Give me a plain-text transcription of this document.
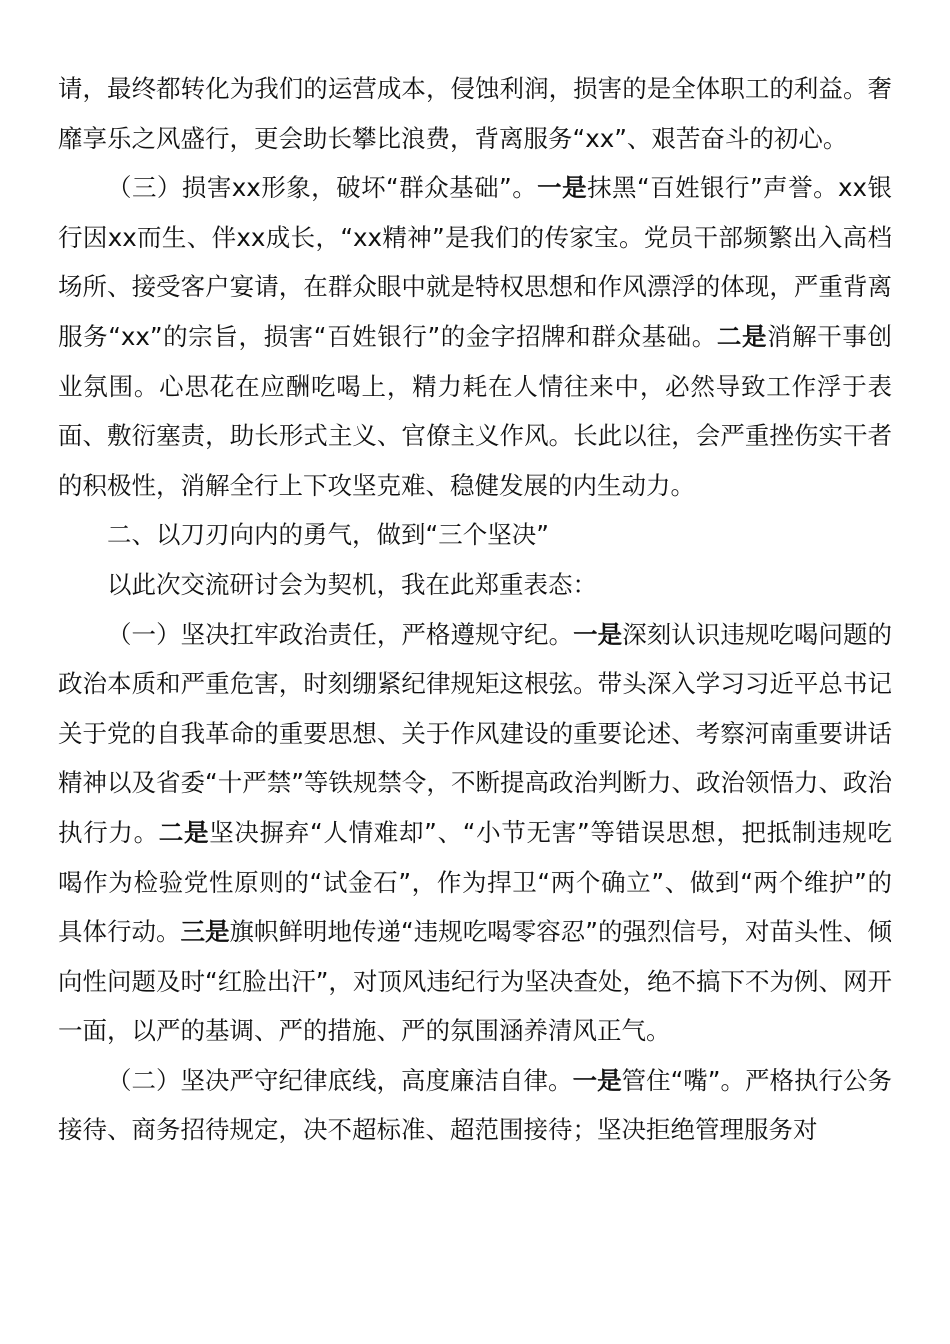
请，最终都转化为我们的运营成本，侵蚀利润，损害的是全体职工的利益。奢靡享乐之风盛行，更会助长攀比浪费，背离服务“xx”、艰苦奋斗的初心。

（三）损害xx形象，破坏“群众基础”。一是抹黑“百姓银行”声誉。xx银行因xx而生、伴xx成长，“xx精神”是我们的传家宝。党员干部频繁出入高档场所、接受客户宴请，在群众眼中就是特权思想和作风漂浮的体现，严重背离服务“xx”的宗旨，损害“百姓银行”的金字招牌和群众基础。二是消解干事创业氛围。心思花在应酬吃喝上，精力耗在人情往来中，必然导致工作浮于表面、敷衍塞责，助长形式主义、官僚主义作风。长此以往，会严重挫伤实干者的积极性，消解全行上下攻坚克难、稳健发展的内生动力。

二、以刀刃向内的勇气，做到“三个坚决”

以此次交流研讨会为契机，我在此郑重表态：

（一）坚决扛牢政治责任，严格遵规守纪。一是深刻认识违规吃喝问题的政治本质和严重危害，时刻绷紧纪律规矩这根弦。带头深入学习习近平总书记关于党的自我革命的重要思想、关于作风建设的重要论述、考察河南重要讲话精神以及省委“十严禁”等铁规禁令，不断提高政治判断力、政治领悟力、政治执行力。二是坚决摒弃“人情难却”、“小节无害”等错误思想，把抵制违规吃喝作为检验党性原则的“试金石”，作为捍卫“两个确立”、做到“两个维护”的具体行动。三是旗帜鲜明地传递“违规吃喝零容忍”的强烈信号，对苗头性、倾向性问题及时“红脸出汗”，对顶风违纪行为坚决查处，绝不搞下不为例、网开一面，以严的基调、严的措施、严的氛围涵养清风正气。

（二）坚决严守纪律底线，高度廉洁自律。一是管住“嘴”。严格执行公务接待、商务招待规定，决不超标准、超范围接待；坚决拒绝管理服务对
